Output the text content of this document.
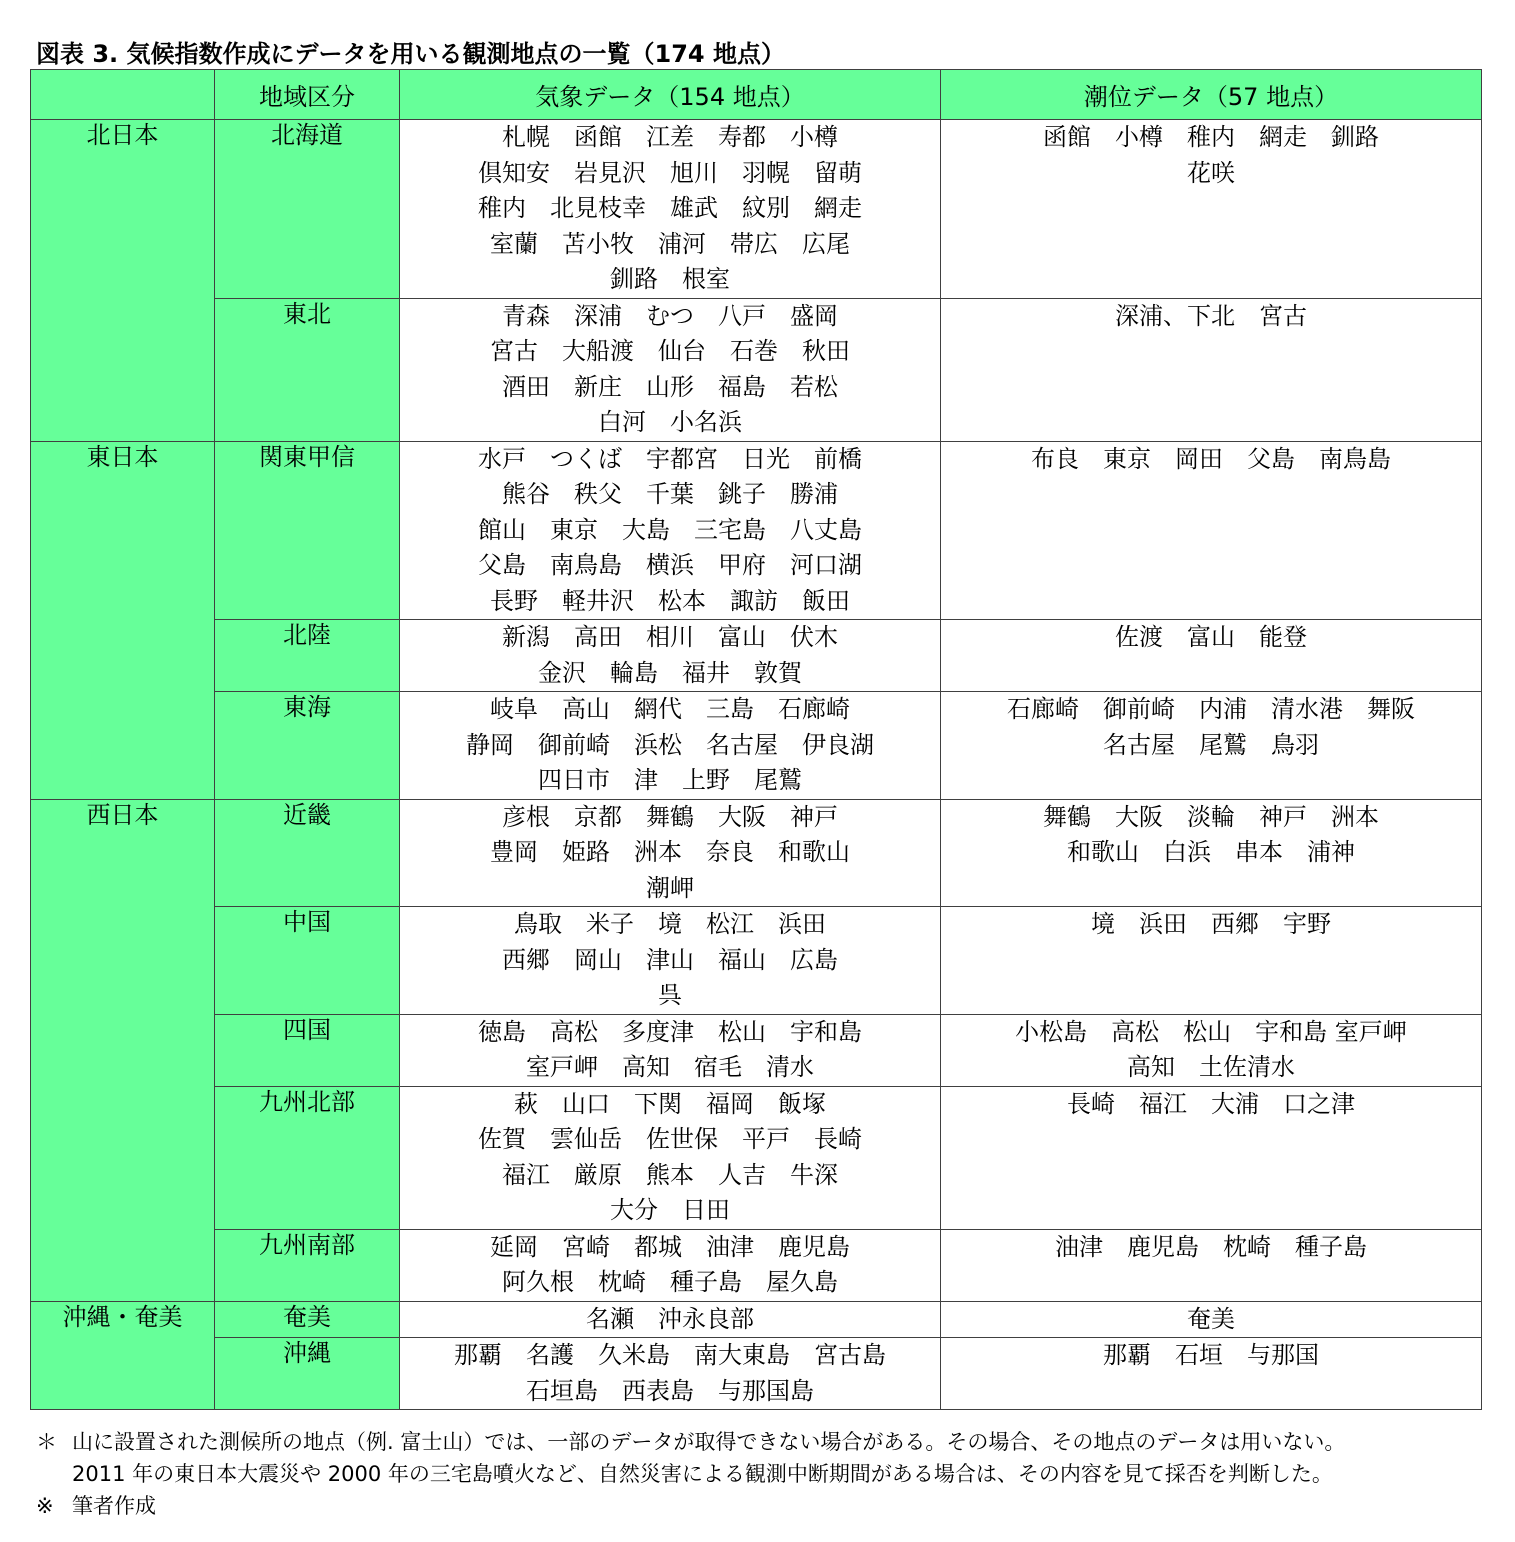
図表 3. 気候指数作成にデータを用いる観測地点の一覧（174 地点）
	地域区分	気象データ（154 地点）	潮位データ（57 地点）

北日本	北海道	札幌　函館　江差　寿都　小樽
倶知安　岩見沢　旭川　羽幌　留萌
稚内　北見枝幸　雄武　紋別　網走
室蘭　苫小牧　浦河　帯広　広尾
釧路　根室	函館　小樽　稚内　網走　釧路
花咲

	東北	青森　深浦　むつ　八戸　盛岡
宮古　大船渡　仙台　石巻　秋田
酒田　新庄　山形　福島　若松
白河　小名浜	深浦、下北　宮古

東日本	関東甲信	水戸　つくば　宇都宮　日光　前橋
熊谷　秩父　千葉　銚子　勝浦
館山　東京　大島　三宅島　八丈島
父島　南鳥島　横浜　甲府　河口湖
長野　軽井沢　松本　諏訪　飯田	布良　東京　岡田　父島　南鳥島

	北陸	新潟　高田　相川　富山　伏木
金沢　輪島　福井　敦賀	佐渡　富山　能登

	東海	岐阜　高山　網代　三島　石廊崎
静岡　御前崎　浜松　名古屋　伊良湖
四日市　津　上野　尾鷲	石廊崎　御前崎　内浦　清水港　舞阪
名古屋　尾鷲　鳥羽

西日本	近畿	彦根　京都　舞鶴　大阪　神戸
豊岡　姫路　洲本　奈良　和歌山
潮岬	舞鶴　大阪　淡輪　神戸　洲本
和歌山　白浜　串本　浦神

	中国	鳥取　米子　境　松江　浜田
西郷　岡山　津山　福山　広島
呉	境　浜田　西郷　宇野

	四国	徳島　高松　多度津　松山　宇和島
室戸岬　高知　宿毛　清水	小松島　高松　松山　宇和島 室戸岬
高知　土佐清水

	九州北部	萩　山口　下関　福岡　飯塚
佐賀　雲仙岳　佐世保　平戸　長崎
福江　厳原　熊本　人吉　牛深
大分　日田	長崎　福江　大浦　口之津

	九州南部	延岡　宮崎　都城　油津　鹿児島
阿久根　枕崎　種子島　屋久島	油津　鹿児島　枕崎　種子島

沖縄・奄美	奄美	名瀬　沖永良部	奄美

	沖縄	那覇　名護　久米島　南大東島　宮古島
石垣島　西表島　与那国島	那覇　石垣　与那国
＊ 山に設置された測候所の地点（例. 富士山）では、一部のデータが取得できない場合がある。その場合、その地点のデータは用いない。
2011 年の東日本大震災や 2000 年の三宅島噴火など、自然災害による観測中断期間がある場合は、その内容を見て採否を判断した。
※ 筆者作成
